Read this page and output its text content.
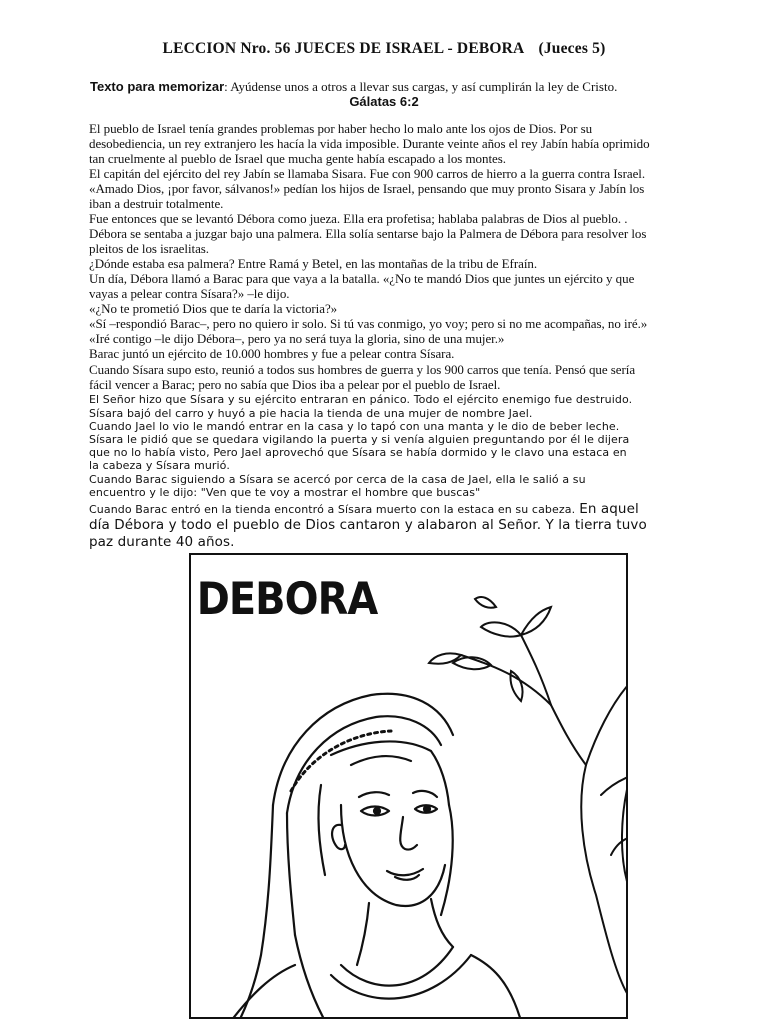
LECCION Nro. 56 JUECES DE ISRAEL - DEBORA (Jueces 5)
Texto para memorizar: Ayúdense unos a otros a llevar sus cargas, y así cumplirán la ley de Cristo.
Gálatas 6:2
El pueblo de Israel tenía grandes problemas por haber hecho lo malo ante los ojos de Dios. Por su
desobediencia, un rey extranjero les hacía la vida imposible. Durante veinte años el rey Jabín había oprimido
tan cruelmente al pueblo de Israel que mucha gente había escapado a los montes.
El capitán del ejército del rey Jabín se llamaba Sisara. Fue con 900 carros de hierro a la guerra contra Israel.
«Amado Dios, ¡por favor, sálvanos!» pedían los hijos de Israel, pensando que muy pronto Sisara y Jabín los
iban a destruir totalmente.
Fue entonces que se levantó Débora como jueza. Ella era profetisa; hablaba palabras de Dios al pueblo. .
Débora se sentaba a juzgar bajo una palmera. Ella solía sentarse bajo la Palmera de Débora para resolver los
pleitos de los israelitas.
¿Dónde estaba esa palmera? Entre Ramá y Betel, en las montañas de la tribu de Efraín.
Un día, Débora llamó a Barac para que vaya a la batalla. «¿No te mandó Dios que juntes un ejército y que
vayas a pelear contra Sísara?» –le dijo.
«¿No te prometió Dios que te daría la victoria?»
«Sí –respondió Barac–, pero no quiero ir solo. Si tú vas conmigo, yo voy; pero si no me acompañas, no iré.»
«Iré contigo –le dijo Débora–, pero ya no será tuya la gloria, sino de una mujer.»
Barac juntó un ejército de 10.000 hombres y fue a pelear contra Sísara.
Cuando Sísara supo esto, reunió a todos sus hombres de guerra y los 900 carros que tenía. Pensó que sería
fácil vencer a Barac; pero no sabía que Dios iba a pelear por el pueblo de Israel.
El Señor hizo que Sísara y su ejército entraran en pánico. Todo el ejército enemigo fue destruido.
Sísara bajó del carro y huyó a pie hacia la tienda de una mujer de nombre Jael.
Cuando Jael lo vio le mandó entrar en la casa y lo tapó con una manta y le dio de beber leche.
Sísara le pidió que se quedara vigilando la puerta y si venía alguien preguntando por él le dijera
que no lo había visto, Pero Jael aprovechó que Sísara se había dormido y le clavo una estaca en
la cabeza y Sísara murió.
Cuando Barac siguiendo a Sísara se acercó por cerca de la casa de Jael, ella le salió a su
encuentro y le dijo: "Ven que te voy a mostrar el hombre que buscas"
Cuando Barac entró en la tienda encontró a Sísara muerto con la estaca en su cabeza. En aquel
día Débora y todo el pueblo de Dios cantaron y alabaron al Señor. Y la tierra tuvo
paz durante 40 años.
DEBORA
